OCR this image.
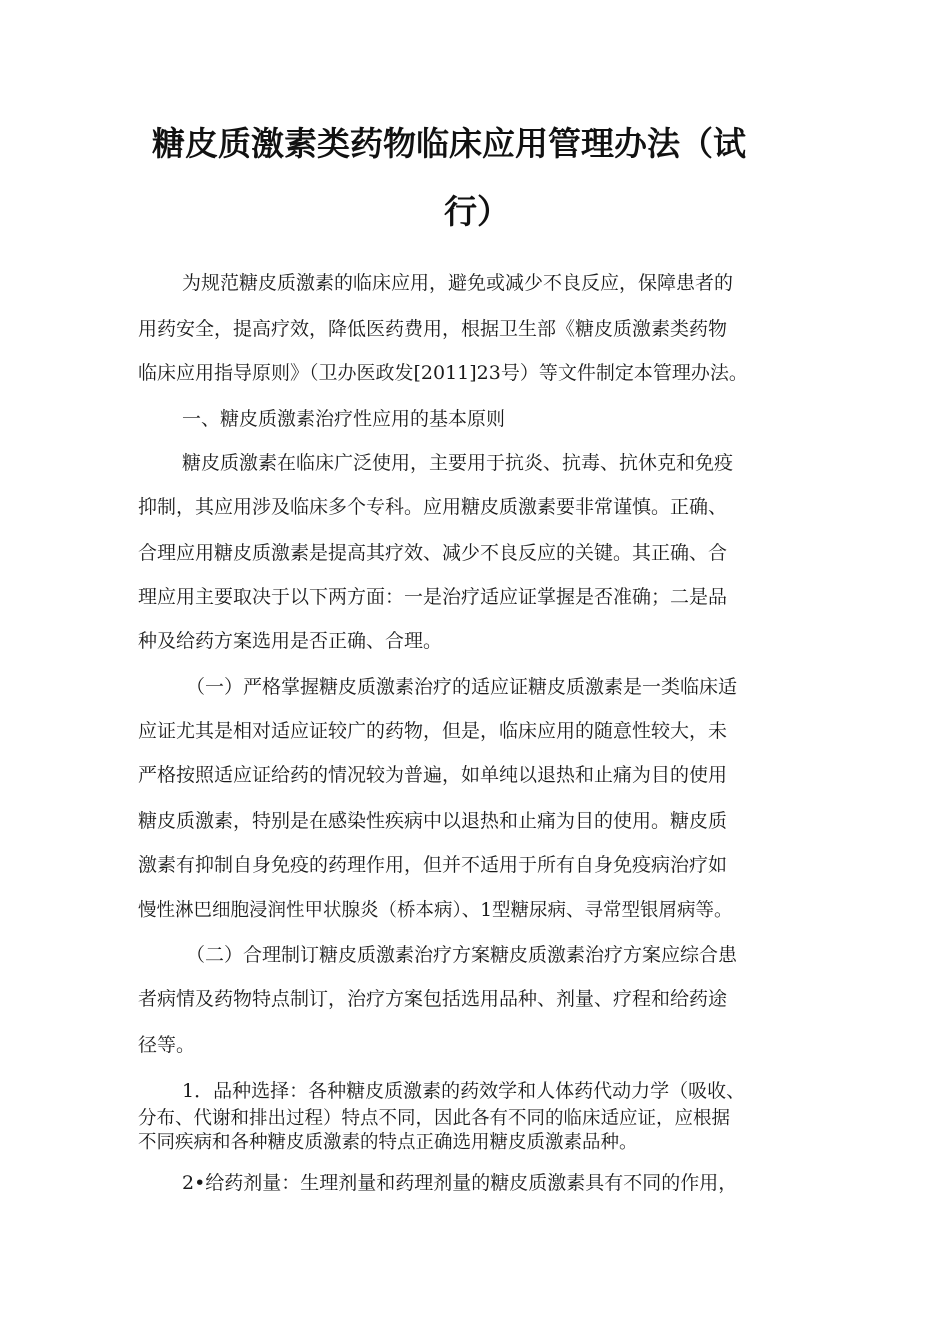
糖皮质激素类药物临床应用管理办法（试
行）
为规范糖皮质激素的临床应用，避免或减少不良反应，保障患者的
用药安全，提高疗效，降低医药费用，根据卫生部《糖皮质激素类药物
临床应用指导原则》（卫办医政发[2011]23号）等文件制定本管理办法。
一、糖皮质激素治疗性应用的基本原则
糖皮质激素在临床广泛使用，主要用于抗炎、抗毒、抗休克和免疫
抑制，其应用涉及临床多个专科。应用糖皮质激素要非常谨慎。正确、
合理应用糖皮质激素是提高其疗效、减少不良反应的关键。其正确、合
理应用主要取决于以下两方面：一是治疗适应证掌握是否准确；二是品
种及给药方案选用是否正确、合理。
（一）严格掌握糖皮质激素治疗的适应证糖皮质激素是一类临床适
应证尤其是相对适应证较广的药物，但是，临床应用的随意性较大，未
严格按照适应证给药的情况较为普遍，如单纯以退热和止痛为目的使用
糖皮质激素，特别是在感染性疾病中以退热和止痛为目的使用。糖皮质
激素有抑制自身免疫的药理作用，但并不适用于所有自身免疫病治疗如
慢性淋巴细胞浸润性甲状腺炎（桥本病）、1型糖尿病、寻常型银屑病等。
（二）合理制订糖皮质激素治疗方案糖皮质激素治疗方案应综合患
者病情及药物特点制订，治疗方案包括选用品种、剂量、疗程和给药途
径等。
1．品种选择：各种糖皮质激素的药效学和人体药代动力学（吸收、
分布、代谢和排出过程）特点不同，因此各有不同的临床适应证，应根据
不同疾病和各种糖皮质激素的特点正确选用糖皮质激素品种。
2•给药剂量：生理剂量和药理剂量的糖皮质激素具有不同的作用，
